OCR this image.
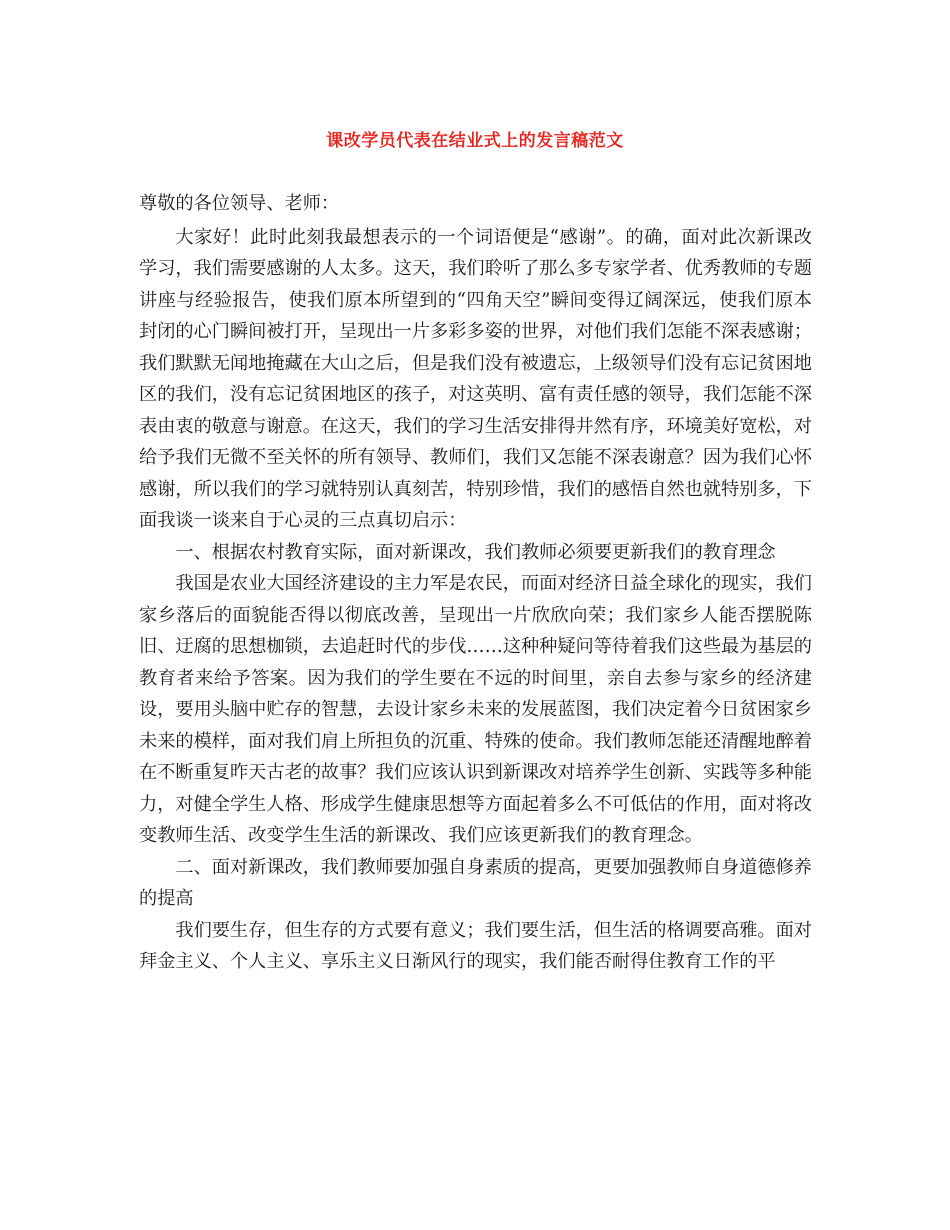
课改学员代表在结业式上的发言稿范文

尊敬的各位领导、老师：

大家好！此时此刻我最想表示的一个词语便是“感谢”。的确，面对此次新课改学习，我们需要感谢的人太多。这天，我们聆听了那么多专家学者、优秀教师的专题讲座与经验报告，使我们原本所望到的“四角天空”瞬间变得辽阔深远，使我们原本封闭的心门瞬间被打开，呈现出一片多彩多姿的世界，对他们我们怎能不深表感谢；我们默默无闻地掩藏在大山之后，但是我们没有被遗忘，上级领导们没有忘记贫困地区的我们，没有忘记贫困地区的孩子，对这英明、富有责任感的领导，我们怎能不深表由衷的敬意与谢意。在这天，我们的学习生活安排得井然有序，环境美好宽松，对给予我们无微不至关怀的所有领导、教师们，我们又怎能不深表谢意？因为我们心怀感谢，所以我们的学习就特别认真刻苦，特别珍惜，我们的感悟自然也就特别多，下面我谈一谈来自于心灵的三点真切启示：

一、根据农村教育实际，面对新课改，我们教师必须要更新我们的教育理念

我国是农业大国经济建设的主力军是农民，而面对经济日益全球化的现实，我们家乡落后的面貌能否得以彻底改善，呈现出一片欣欣向荣；我们家乡人能否摆脱陈旧、迂腐的思想枷锁，去追赶时代的步伐……这种种疑问等待着我们这些最为基层的教育者来给予答案。因为我们的学生要在不远的时间里，亲自去参与家乡的经济建设，要用头脑中贮存的智慧，去设计家乡未来的发展蓝图，我们决定着今日贫困家乡未来的模样，面对我们肩上所担负的沉重、特殊的使命。我们教师怎能还清醒地醉着在不断重复昨天古老的故事？我们应该认识到新课改对培养学生创新、实践等多种能力，对健全学生人格、形成学生健康思想等方面起着多么不可低估的作用，面对将改变教师生活、改变学生生活的新课改、我们应该更新我们的教育理念。

二、面对新课改，我们教师要加强自身素质的提高，更要加强教师自身道德修养的提高

我们要生存，但生存的方式要有意义；我们要生活，但生活的格调要高雅。面对拜金主义、个人主义、享乐主义日渐风行的现实，我们能否耐得住教育工作的平
